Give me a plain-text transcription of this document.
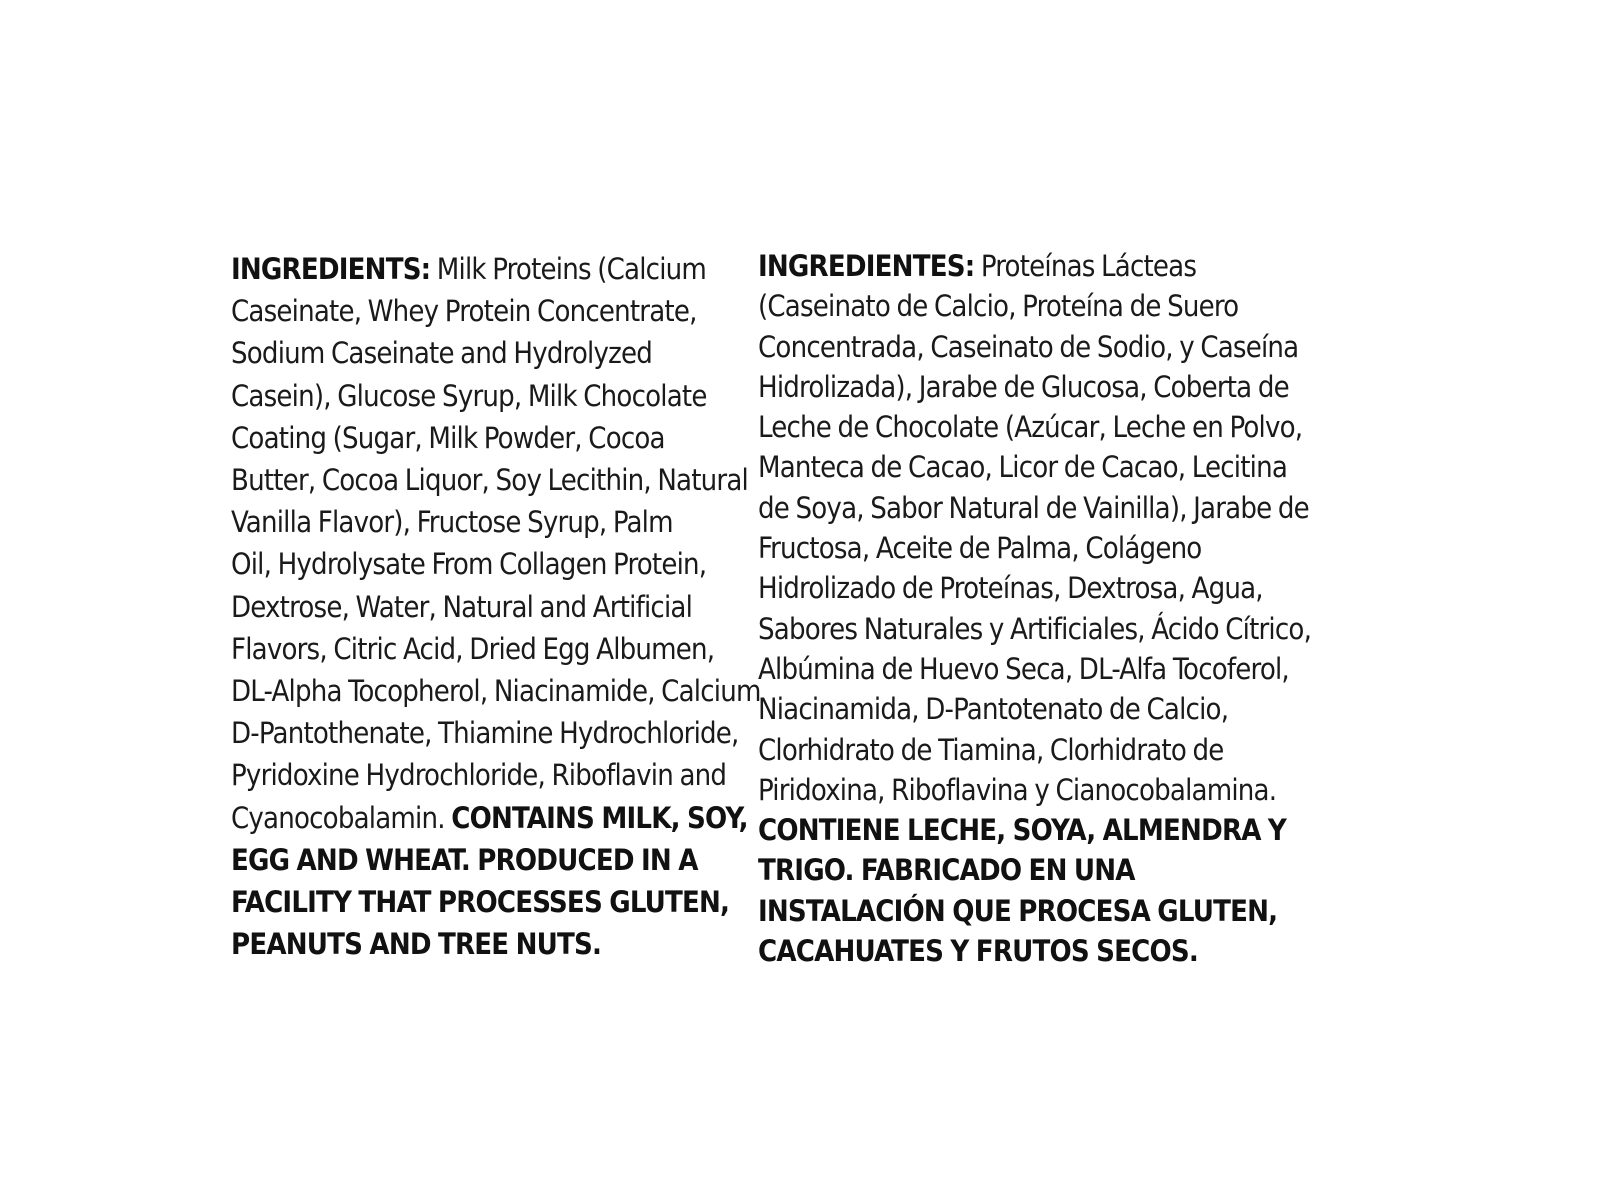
INGREDIENTS: Milk Proteins (Calcium
Caseinate, Whey Protein Concentrate,
Sodium Caseinate and Hydrolyzed
Casein), Glucose Syrup, Milk Chocolate
Coating (Sugar, Milk Powder, Cocoa
Butter, Cocoa Liquor, Soy Lecithin, Natural
Vanilla Flavor), Fructose Syrup, Palm
Oil, Hydrolysate From Collagen Protein,
Dextrose, Water, Natural and Artificial
Flavors, Citric Acid, Dried Egg Albumen,
DL-Alpha Tocopherol, Niacinamide, Calcium
D-Pantothenate, Thiamine Hydrochloride,
Pyridoxine Hydrochloride, Riboflavin and
Cyanocobalamin. CONTAINS MILK, SOY,
EGG AND WHEAT. PRODUCED IN A
FACILITY THAT PROCESSES GLUTEN,
PEANUTS AND TREE NUTS.
INGREDIENTES: Proteínas Lácteas
(Caseinato de Calcio, Proteína de Suero
Concentrada, Caseinato de Sodio, y Caseína
Hidrolizada), Jarabe de Glucosa, Coberta de
Leche de Chocolate (Azúcar, Leche en Polvo,
Manteca de Cacao, Licor de Cacao, Lecitina
de Soya, Sabor Natural de Vainilla), Jarabe de
Fructosa, Aceite de Palma, Colágeno
Hidrolizado de Proteínas, Dextrosa, Agua,
Sabores Naturales y Artificiales, Ácido Cítrico,
Albúmina de Huevo Seca, DL-Alfa Tocoferol,
Niacinamida, D-Pantotenato de Calcio,
Clorhidrato de Tiamina, Clorhidrato de
Piridoxina, Riboflavina y Cianocobalamina.
CONTIENE LECHE, SOYA, ALMENDRA Y
TRIGO. FABRICADO EN UNA
INSTALACIÓN QUE PROCESA GLUTEN,
CACAHUATES Y FRUTOS SECOS.
